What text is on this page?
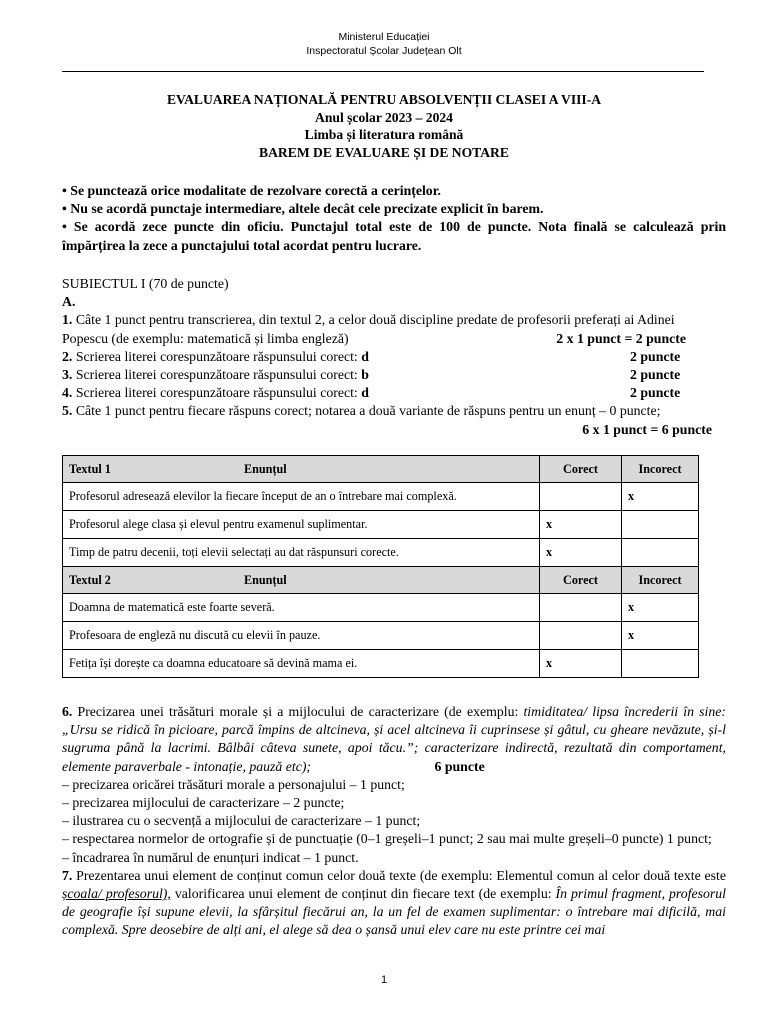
Ministerul Educației
Inspectoratul Școlar Județean Olt
EVALUAREA NAȚIONALĂ PENTRU ABSOLVENȚII CLASEI A VIII-A
Anul școlar 2023 – 2024
Limba și literatura română
BAREM DE EVALUARE ȘI DE NOTARE

• Se punctează orice modalitate de rezolvare corectă a cerințelor.

• Nu se acordă punctaje intermediare, altele decât cele precizate explicit în barem.

• Se acordă zece puncte din oficiu. Punctajul total este de 100 de puncte. Nota finală se calculează prin împărțirea la zece a punctajului total acordat pentru lucrare.

SUBIECTUL I (70 de puncte)

A.

1. Câte 1 punct pentru transcrierea, din textul 2, a celor două discipline predate de profesorii preferați ai Adinei

Popescu (de exemplu: matematică și limba engleză)	2 x 1 punct = 2 puncte
2. Scrierea literei corespunzătoare răspunsului corect: d	2 puncte
3. Scrierea literei corespunzătoare răspunsului corect: b	2 puncte
4. Scrierea literei corespunzătoare răspunsului corect: d	2 puncte

5. Câte 1 punct pentru fiecare răspuns corect; notarea a două variante de răspuns pentru un enunț – 0 puncte;

6 x 1 punct = 6 puncte

Textul 1 Enunțul	Corect	Incorect
Profesorul adresează elevilor la fiecare început de an o întrebare mai complexă.		x
Profesorul alege clasa și elevul pentru examenul suplimentar.	x	
Timp de patru decenii, toți elevii selectați au dat răspunsuri corecte.	x	
Textul 2 Enunțul	Corect	Incorect
Doamna de matematică este foarte severă.		x
Profesoara de engleză nu discută cu elevii în pauze.		x
Fetița își dorește ca doamna educatoare să devină mama ei.	x	

6. Precizarea unei trăsături morale și a mijlocului de caracterizare (de exemplu: timiditatea/ lipsa încrederii în sine:„Ursu se ridică în picioare, parcă împins de altcineva, și acel altcineva îi cuprinsese și gâtul, cu gheare nevăzute, și-l sugruma până la lacrimi. Bâlbâi câteva sunete, apoi tăcu.”; caracterizare indirectă, rezultată din comportament, elemente paraverbale - intonație, pauză etc);	6 puncte

– precizarea oricărei trăsături morale a personajului – 1 punct;

– precizarea mijlocului de caracterizare – 2 puncte;

– ilustrarea cu o secvență a mijlocului de caracterizare – 1 punct;

– respectarea normelor de ortografie și de punctuație (0–1 greșeli–1 punct; 2 sau mai multe greșeli–0 puncte) 1 punct;

– încadrarea în numărul de enunțuri indicat – 1 punct.

7. Prezentarea unui element de conținut comun celor două texte (de exemplu: Elementul comun al celor două texte este școala/ profesorul), valorificarea unui element de conținut din fiecare text (de exemplu: În primul fragment, profesorul de geografie își supune elevii, la sfârșitul fiecărui an, la un fel de examen suplimentar: o întrebare mai dificilă, mai complexă. Spre deosebire de alți ani, el alege să dea o șansă unui elev care nu este printre cei mai

1
